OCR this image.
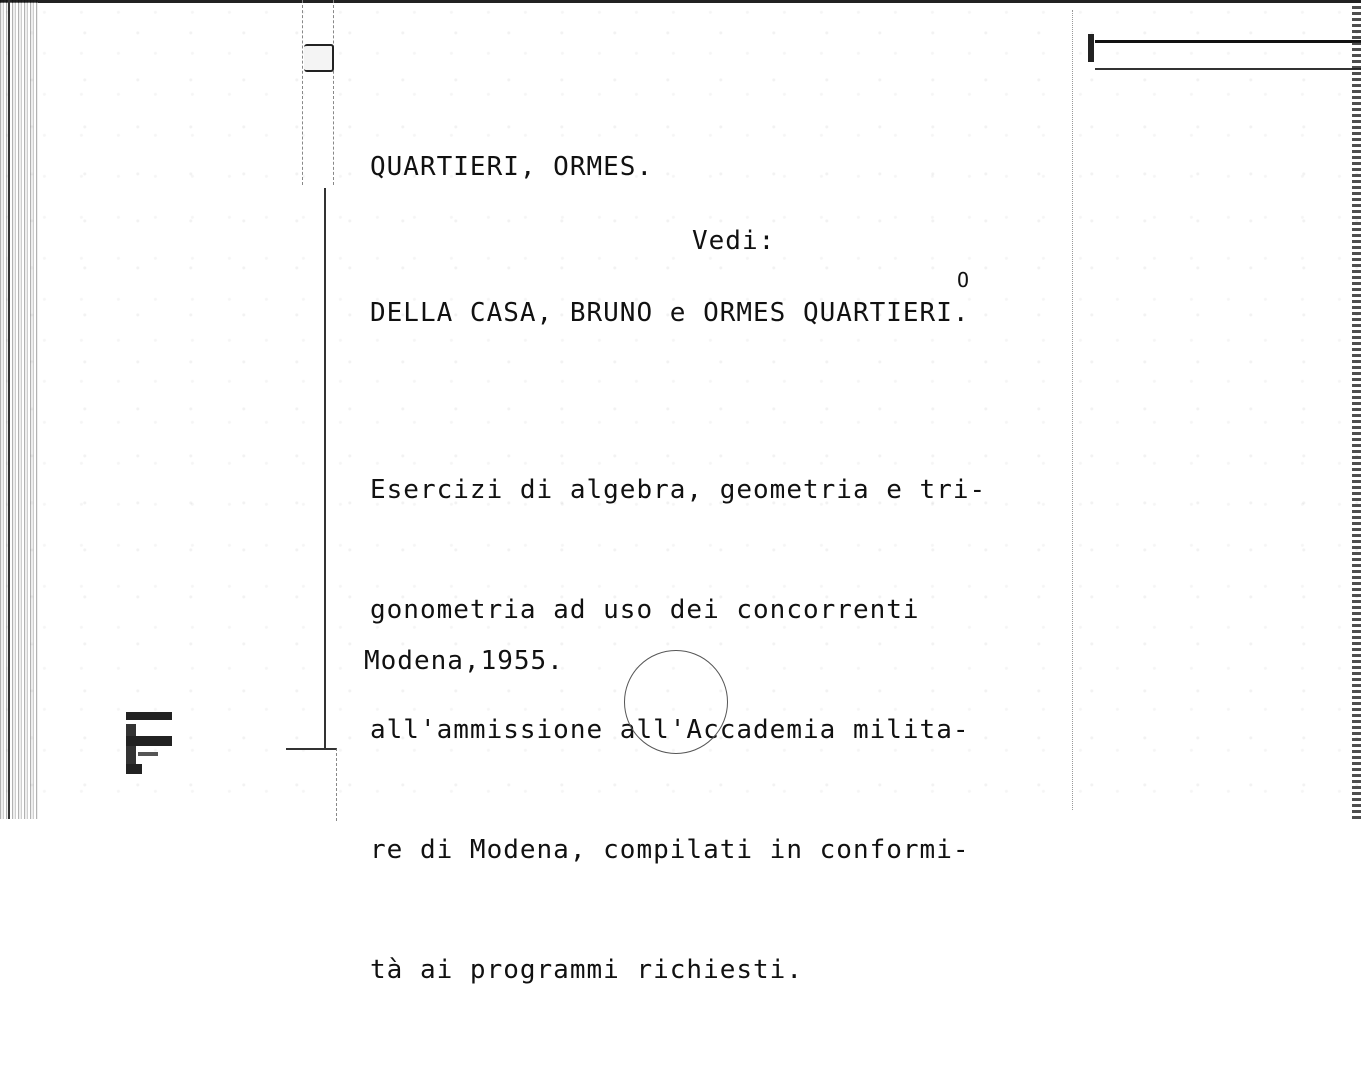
QUARTIERI, ORMES.
Vedi:
DELLA CASA, BRUNO e ORMES QUARTIERI.
O

Esercizi di algebra, geometria e tri-

gonometria ad uso dei concorrenti

all'ammissione all'Accademia milita-

re di Modena, compilati in conformi-

tà ai programmi richiesti.

Modena,1955.
